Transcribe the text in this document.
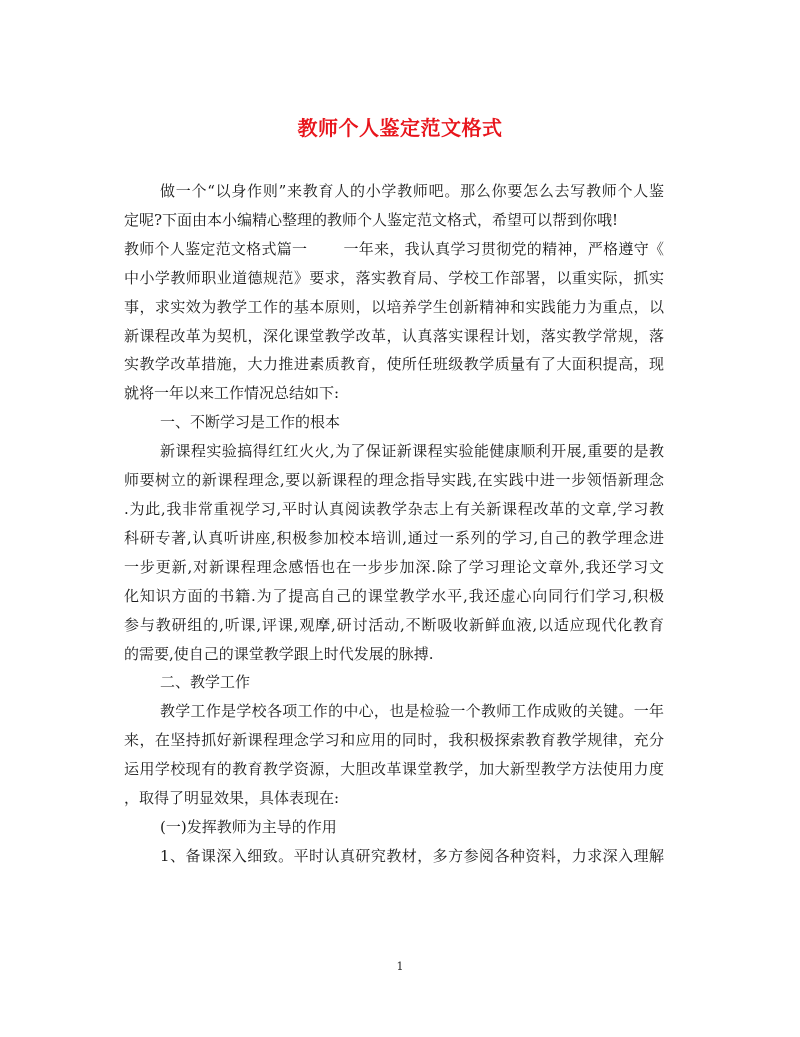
教师个人鉴定范文格式
做一个“以身作则”来教育人的小学教师吧。那么你要怎么去写教师个人鉴
定呢?下面由本小编精心整理的教师个人鉴定范文格式，希望可以帮到你哦!
教师个人鉴定范文格式篇一 一年来，我认真学习贯彻党的精神，严格遵守《
中小学教师职业道德规范》要求，落实教育局、学校工作部署，以重实际，抓实
事，求实效为教学工作的基本原则，以培养学生创新精神和实践能力为重点，以
新课程改革为契机，深化课堂教学改革，认真落实课程计划，落实教学常规，落
实教学改革措施，大力推进素质教育，使所任班级教学质量有了大面积提高，现
就将一年以来工作情况总结如下:
一、不断学习是工作的根本
新课程实验搞得红红火火,为了保证新课程实验能健康顺利开展,重要的是教
师要树立的新课程理念,要以新课程的理念指导实践,在实践中进一步领悟新理念
.为此,我非常重视学习,平时认真阅读教学杂志上有关新课程改革的文章,学习教
科研专著,认真听讲座,积极参加校本培训,通过一系列的学习,自己的教学理念进
一步更新,对新课程理念感悟也在一步步加深.除了学习理论文章外,我还学习文
化知识方面的书籍.为了提高自己的课堂教学水平,我还虚心向同行们学习,积极
参与教研组的,听课,评课,观摩,研讨活动,不断吸收新鲜血液,以适应现代化教育
的需要,使自己的课堂教学跟上时代发展的脉搏.
二、教学工作
教学工作是学校各项工作的中心，也是检验一个教师工作成败的关键。一年
来，在坚持抓好新课程理念学习和应用的同时，我积极探索教育教学规律，充分
运用学校现有的教育教学资源，大胆改革课堂教学，加大新型教学方法使用力度
，取得了明显效果，具体表现在:
(一)发挥教师为主导的作用
1、备课深入细致。平时认真研究教材，多方参阅各种资料，力求深入理解
1
